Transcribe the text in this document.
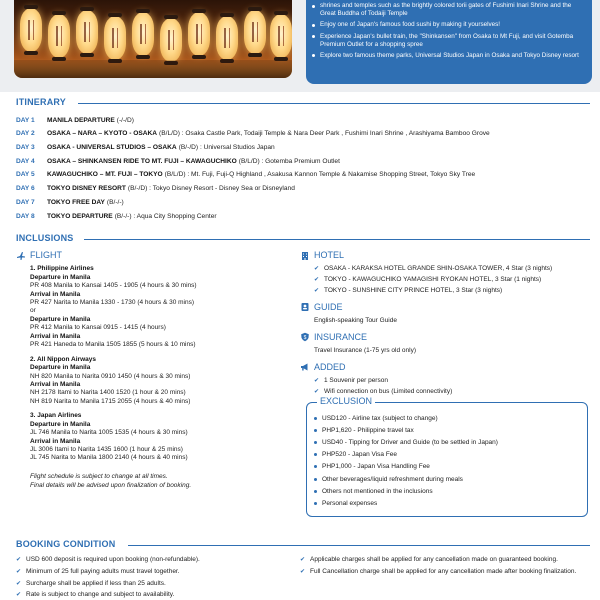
shrines and temples such as the brightly colored torii gates of Fushimi Inari Shrine and the Great Buddha of Todaiji Temple
Enjoy one of Japan's famous food sushi by making it yourselves!
Experience Japan's bullet train, the "Shinkansen" from Osaka to Mt Fuji, and visit Gotemba Premium Outlet for a shopping spree
Explore two famous theme parks, Universal Studios Japan in Osaka and Tokyo Disney resort
ITINERARY
DAY 1	MANILA DEPARTURE (-/-/D)
DAY 2	OSAKA – NARA – KYOTO - OSAKA (B/L/D) : Osaka Castle Park, Todaiji Temple & Nara Deer Park , Fushimi Inari Shrine , Arashiyama Bamboo Grove
DAY 3	OSAKA - UNIVERSAL STUDIOS – OSAKA (B/-/D) : Universal Studios Japan
DAY 4	OSAKA – SHINKANSEN RIDE TO MT. FUJI – KAWAGUCHIKO (B/L/D) : Gotemba Premium Outlet
DAY 5	KAWAGUCHIKO – MT. FUJI – TOKYO (B/L/D) : Mt. Fuji, Fuji-Q Highland , Asakusa Kannon Temple & Nakamise Shopping Street, Tokyo Sky Tree
DAY 6	TOKYO DISNEY RESORT (B/-/D) : Tokyo Disney Resort - Disney Sea or Disneyland
DAY 7	TOKYO FREE DAY (B/-/-)
DAY 8	TOKYO DEPARTURE (B/-/-) : Aqua City Shopping Center
INCLUSIONS
FLIGHT
1. Philippine Airlines
Departure in Manila
PR 408 Manila to Kansai 1405 - 1905 (4 hours & 30 mins)
Arrival in Manila
PR 427 Narita to Manila 1330 - 1730 (4 hours & 30 mins)
or
Departure in Manila
PR 412 Manila to Kansai 0915 - 1415 (4 hours)
Arrival in Manila
PR 421 Haneda to Manila 1505 1855 (5 hours & 10 mins)
2. All Nippon Airways
Departure in Manila
NH 820 Manila to Narita 0910 1450 (4 hours & 30 mins)
Arrival in Manila
NH 2178 Itami to Narita 1400 1520 (1 hour & 20 mins)
NH 819 Narita to Manila 1715 2055 (4 hours & 40 mins)
3. Japan Airlines
Departure in Manila
JL 746 Manila to Narita 1005 1535 (4 hours & 30 mins)
Arrival in Manila
JL 3006 Itami to Narita 1435 1600 (1 hour & 25 mins)
JL 745 Narita to Manila 1800 2140 (4 hours & 40 mins)
Flight schedule is subject to change at all times.
Final details will be advised upon finalization of booking.
HOTEL
✔ OSAKA - KARAKSA HOTEL GRANDE SHIN-OSAKA TOWER, 4 Star (3 nights)
✔ TOKYO - KAWAGUCHIKO YAMAGISHI RYOKAN HOTEL, 3 Star (1 nights)
✔ TOKYO - SUNSHINE CITY PRINCE HOTEL, 3 Star (3 nights)
GUIDE
English-speaking Tour Guide
$ INSURANCE
Travel Insurance (1-75 yrs old only)
ADDED
✔ 1 Souvenir per person
✔ Wifi connection on bus (Limited connectivity)
EXCLUSION
USD120 - Airline tax (subject to change)
PHP1,620 - Philippine travel tax
USD40 - Tipping for Driver and Guide (to be settled in Japan)
PHP520 - Japan Visa Fee
PHP1,000 - Japan Visa Handling Fee
Other beverages/liquid refreshment during meals
Others not mentioned in the inclusions
Personal expenses
BOOKING CONDITION
✔ USD 600 deposit is required upon booking (non-refundable).
✔ Minimum of 25 full paying adults must travel together.
✔ Surcharge shall be applied if less than 25 adults.
✔ Rate is subject to change and subject to availability.
✔ Applicable charges shall be applied for any cancellation made on guaranteed booking.
✔ Full Cancellation charge shall be applied for any cancellation made after booking finalization.
